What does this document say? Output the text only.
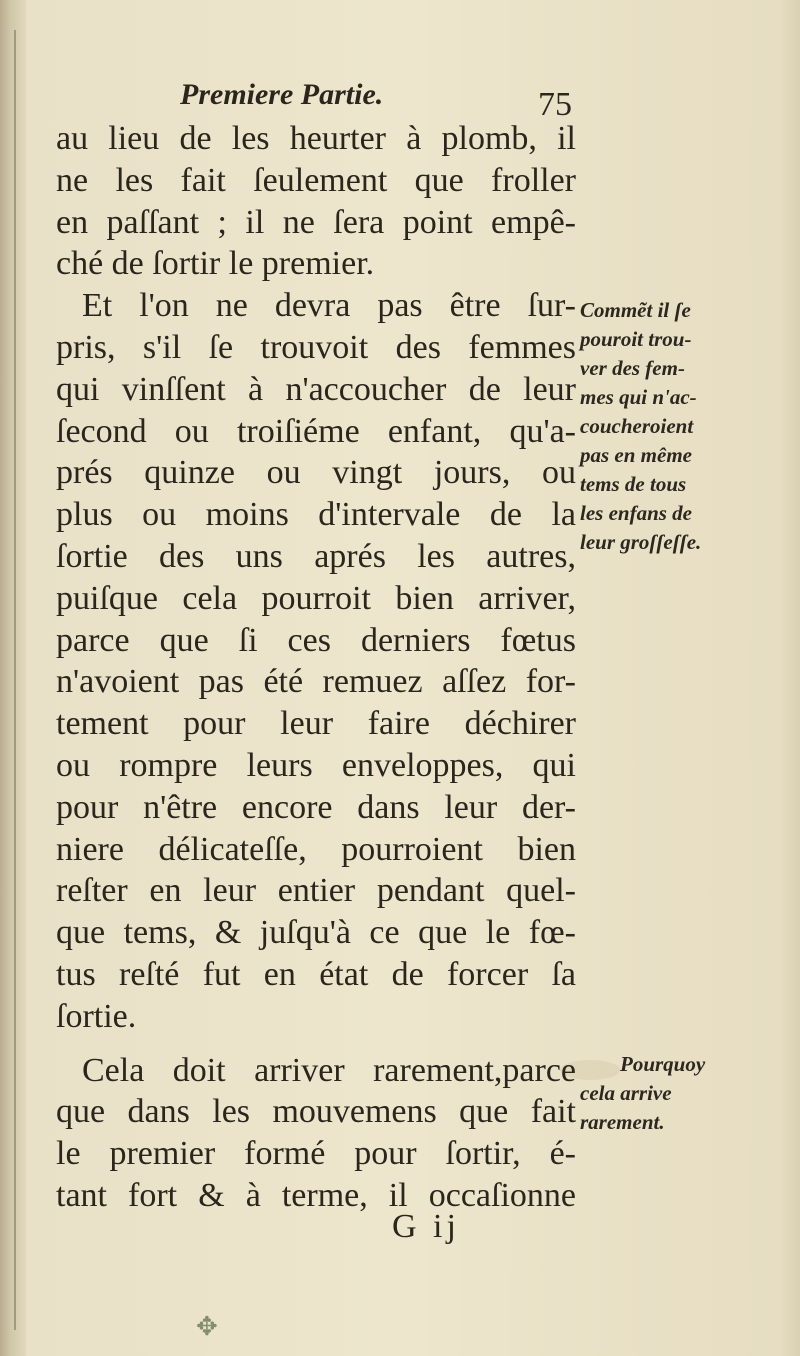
Premiere Partie.	75
au lieu de les heurter à plomb, il
ne les fait ſeulement que froller
en paſſant ; il ne ſera point empê-
ché de ſortir le premier.
Et l'on ne devra pas être ſur-
pris, s'il ſe trouvoit des femmes
qui vinſſent à n'accoucher de leur
ſecond ou troiſiéme enfant, qu'a-
prés quinze ou vingt jours, ou
plus ou moins d'intervale de la
ſortie des uns aprés les autres,
puiſque cela pourroit bien arriver,
parce que ſi ces derniers fœtus
n'avoient pas été remuez aſſez for-
tement pour leur faire déchirer
ou rompre leurs enveloppes, qui
pour n'être encore dans leur der-
niere délicateſſe, pourroient bien
reſter en leur entier pendant quel-
que tems, & juſqu'à ce que le fœ-
tus reſté fut en état de forcer ſa
ſortie.
Cela doit arriver rarement,parce
que dans les mouvemens que fait
le premier formé pour ſortir, é-
tant fort & à terme, il occaſionne
Commẽt il ſe
pouroit trou-
ver des fem-
mes qui n'ac-
coucheroient
pas en même
tems de tous
les enfans de
leur groſſeſſe.
Pourquoy
cela arrive
rarement.
G ij
✥
